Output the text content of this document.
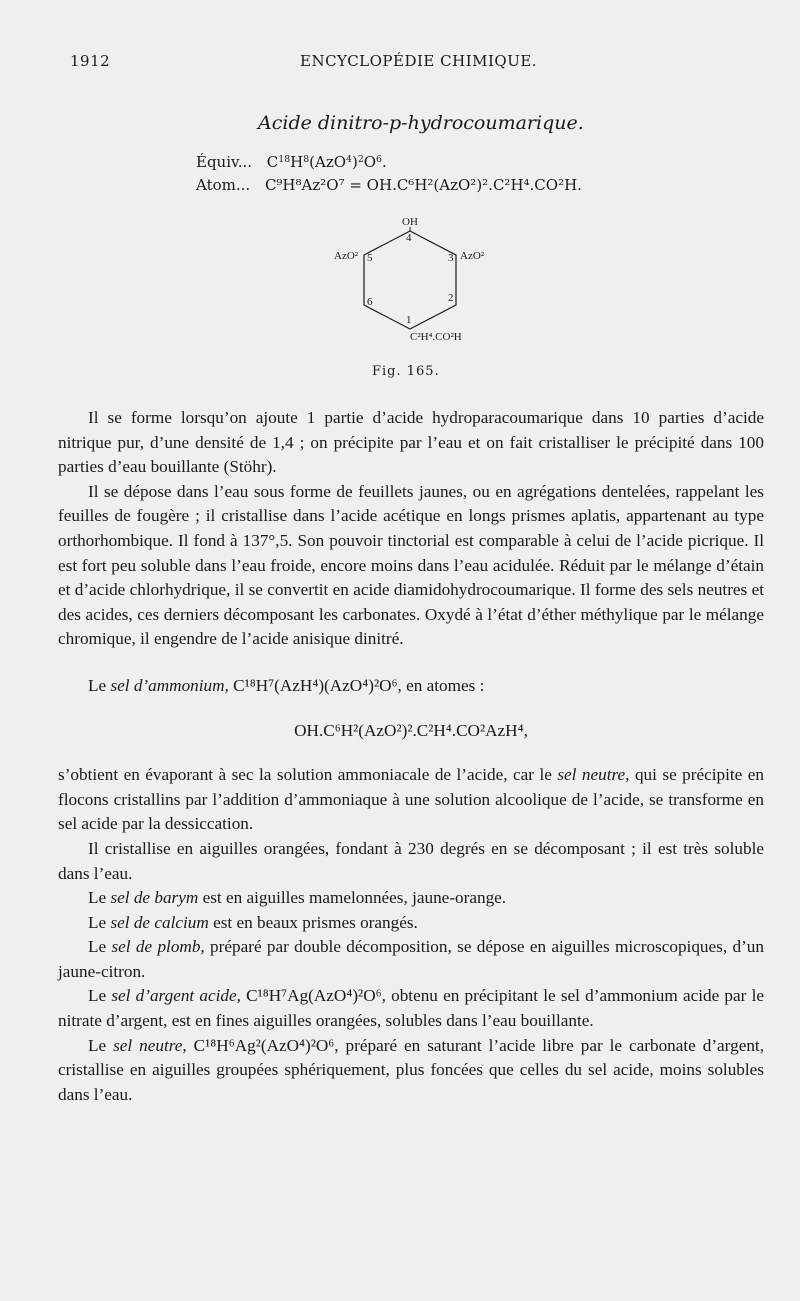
1912	ENCYCLOPÉDIE CHIMIQUE.
Acide dinitro-p-hydrocoumarique.
Équiv... $C^{18}H^8(AzO^4)^2O^6$.
Atom... C⁹H⁸Az²O⁷ = OH.C⁶H²(AzO²)².C²H⁴.CO²H.
OH
4
AzO² 5	3 AzO²
6	2
1
C²H⁴.CO²H
Fig. 165.

Il se forme lorsqu’on ajoute 1 partie d’acide hydroparacoumarique dans 10 parties d’acide nitrique pur, d’une densité de 1,4 ; on précipite par l’eau et on fait cristalliser le précipité dans 100 parties d’eau bouillante (Stöhr).

Il se dépose dans l’eau sous forme de feuillets jaunes, ou en agrégations dentelées, rappelant les feuilles de fougère ; il cristallise dans l’acide acétique en longs prismes aplatis, appartenant au type orthorhombique. Il fond à 137°,5. Son pouvoir tinctorial est comparable à celui de l’acide picrique. Il est fort peu soluble dans l’eau froide, encore moins dans l’eau acidulée. Réduit par le mélange d’étain et d’acide chlorhydrique, il se convertit en acide diamidohydrocoumarique. Il forme des sels neutres et des acides, ces derniers décomposant les carbonates. Oxydé à l’état d’éther méthylique par le mélange chromique, il engendre de l’acide anisique dinitré.

Le sel d’ammonium, C¹⁸H⁷(AzH⁴)(AzO⁴)²O⁶, en atomes :

OH.C⁶H²(AzO²)².C²H⁴.CO²AzH⁴,

s’obtient en évaporant à sec la solution ammoniacale de l’acide, car le sel neutre, qui se précipite en flocons cristallins par l’addition d’ammoniaque à une solution alcoolique de l’acide, se transforme en sel acide par la dessiccation.

Il cristallise en aiguilles orangées, fondant à 230 degrés en se décomposant ; il est très soluble dans l’eau.

Le sel de barym est en aiguilles mamelonnées, jaune-orange.

Le sel de calcium est en beaux prismes orangés.

Le sel de plomb, préparé par double décomposition, se dépose en aiguilles microscopiques, d’un jaune-citron.

Le sel d’argent acide, C¹⁸H⁷Ag(AzO⁴)²O⁶, obtenu en précipitant le sel d’ammonium acide par le nitrate d’argent, est en fines aiguilles orangées, solubles dans l’eau bouillante.

Le sel neutre, C¹⁸H⁶Ag²(AzO⁴)²O⁶, préparé en saturant l’acide libre par le carbonate d’argent, cristallise en aiguilles groupées sphériquement, plus foncées que celles du sel acide, moins solubles dans l’eau.
